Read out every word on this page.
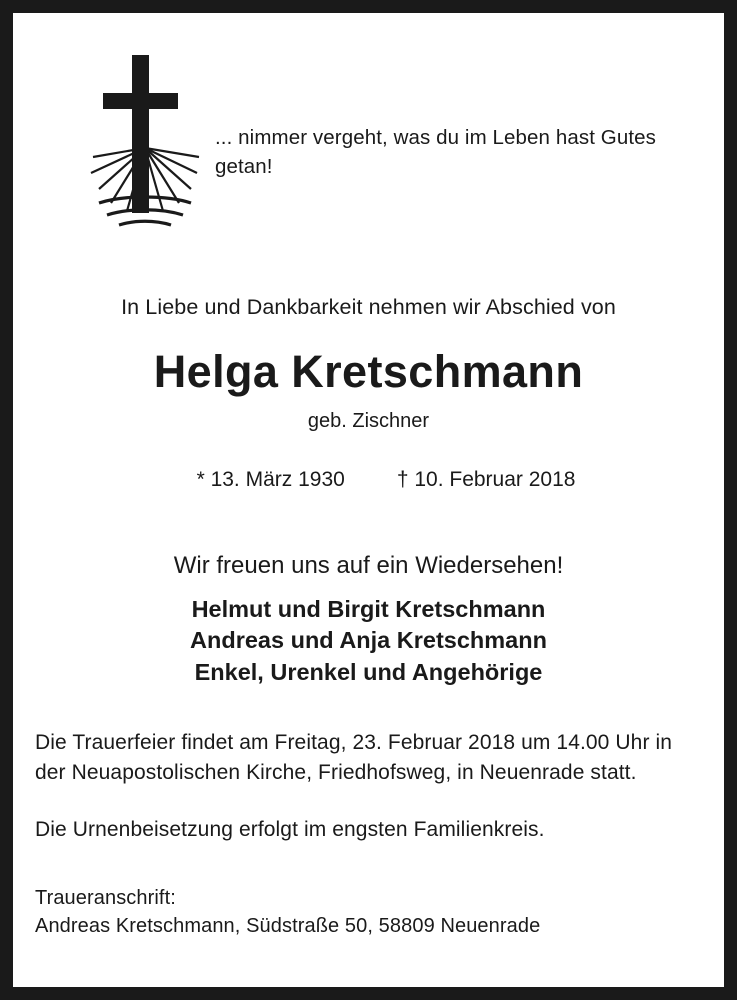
... nimmer vergeht, was du im Leben hast Gutes getan!
In Liebe und Dankbarkeit nehmen wir Abschied von
Helga Kretschmann
geb. Zischner

* 13. März 1930 † 10. Februar 2018

Wir freuen uns auf ein Wiedersehen!
Helmut und Birgit Kretschmann
Andreas und Anja Kretschmann
Enkel, Urenkel und Angehörige
Die Trauerfeier findet am Freitag, 23. Februar 2018 um 14.00 Uhr in der Neuapostolischen Kirche, Friedhofsweg, in Neuenrade statt.
Die Urnenbeisetzung erfolgt im engsten Familienkreis.
Traueranschrift:
Andreas Kretschmann, Südstraße 50, 58809 Neuenrade
